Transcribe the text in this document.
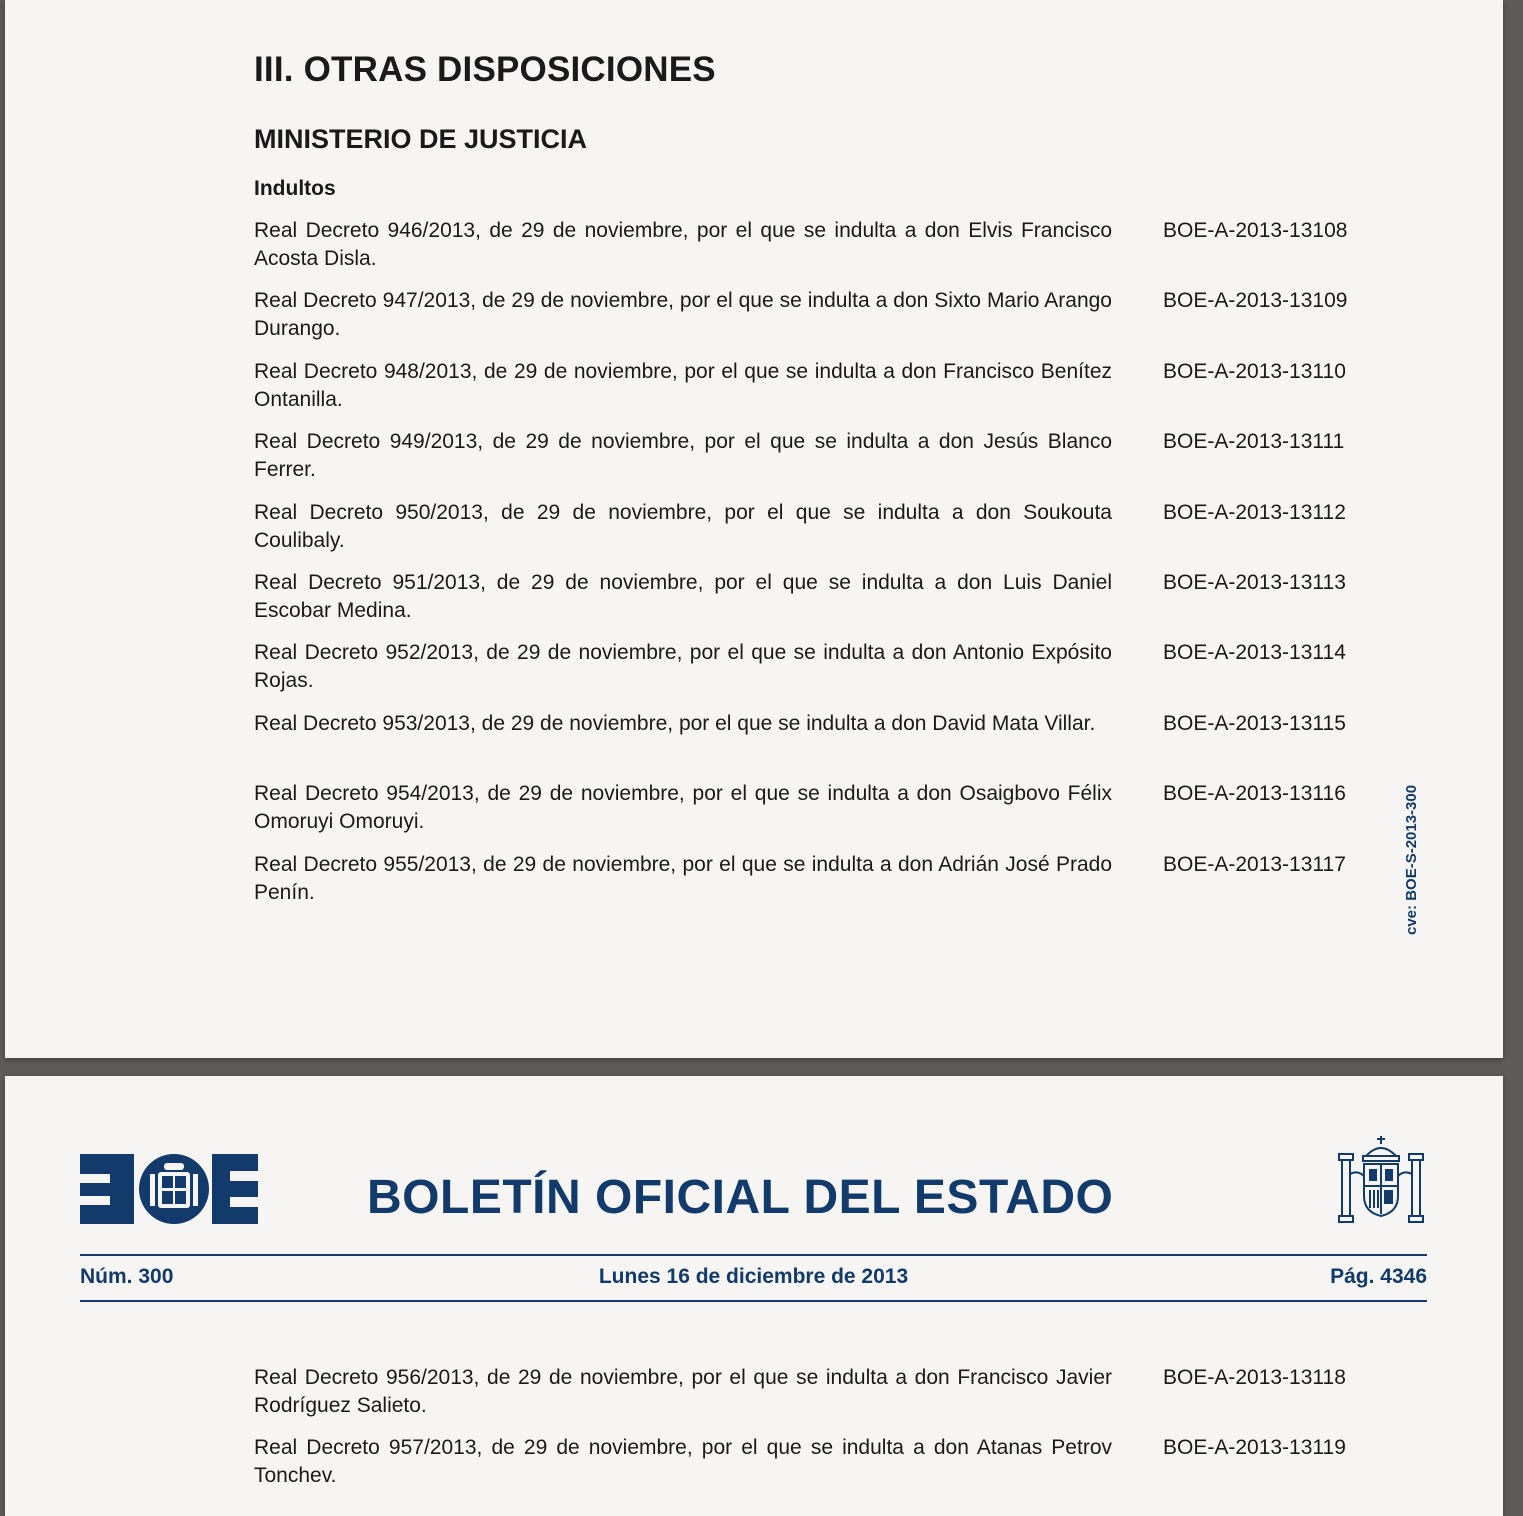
III. OTRAS DISPOSICIONES
MINISTERIO DE JUSTICIA
Indultos
Real Decreto 946/2013, de 29 de noviembre, por el que se indulta a don Elvis Francisco Acosta Disla.
BOE-A-2013-13108
Real Decreto 947/2013, de 29 de noviembre, por el que se indulta a don Sixto Mario Arango Durango.
BOE-A-2013-13109
Real Decreto 948/2013, de 29 de noviembre, por el que se indulta a don Francisco Benítez Ontanilla.
BOE-A-2013-13110
Real Decreto 949/2013, de 29 de noviembre, por el que se indulta a don Jesús Blanco Ferrer.
BOE-A-2013-13111
Real Decreto 950/2013, de 29 de noviembre, por el que se indulta a don Soukouta Coulibaly.
BOE-A-2013-13112
Real Decreto 951/2013, de 29 de noviembre, por el que se indulta a don Luis Daniel Escobar Medina.
BOE-A-2013-13113
Real Decreto 952/2013, de 29 de noviembre, por el que se indulta a don Antonio Expósito Rojas.
BOE-A-2013-13114
Real Decreto 953/2013, de 29 de noviembre, por el que se indulta a don David Mata Villar.	BOE-A-2013-13115
Real Decreto 954/2013, de 29 de noviembre, por el que se indulta a don Osaigbovo Félix Omoruyi Omoruyi.
BOE-A-2013-13116
Real Decreto 955/2013, de 29 de noviembre, por el que se indulta a don Adrián José Prado Penín.
BOE-A-2013-13117	cve: BOE-S-2013-300
BOLETÍN OFICIAL DEL ESTADO
Lunes 16 de diciembre de 2013
Núm. 300	Pág. 4346
Real Decreto 956/2013, de 29 de noviembre, por el que se indulta a don Francisco Javier Rodríguez Salieto.
BOE-A-2013-13118
Real Decreto 957/2013, de 29 de noviembre, por el que se indulta a don Atanas Petrov Tonchev.
BOE-A-2013-13119
